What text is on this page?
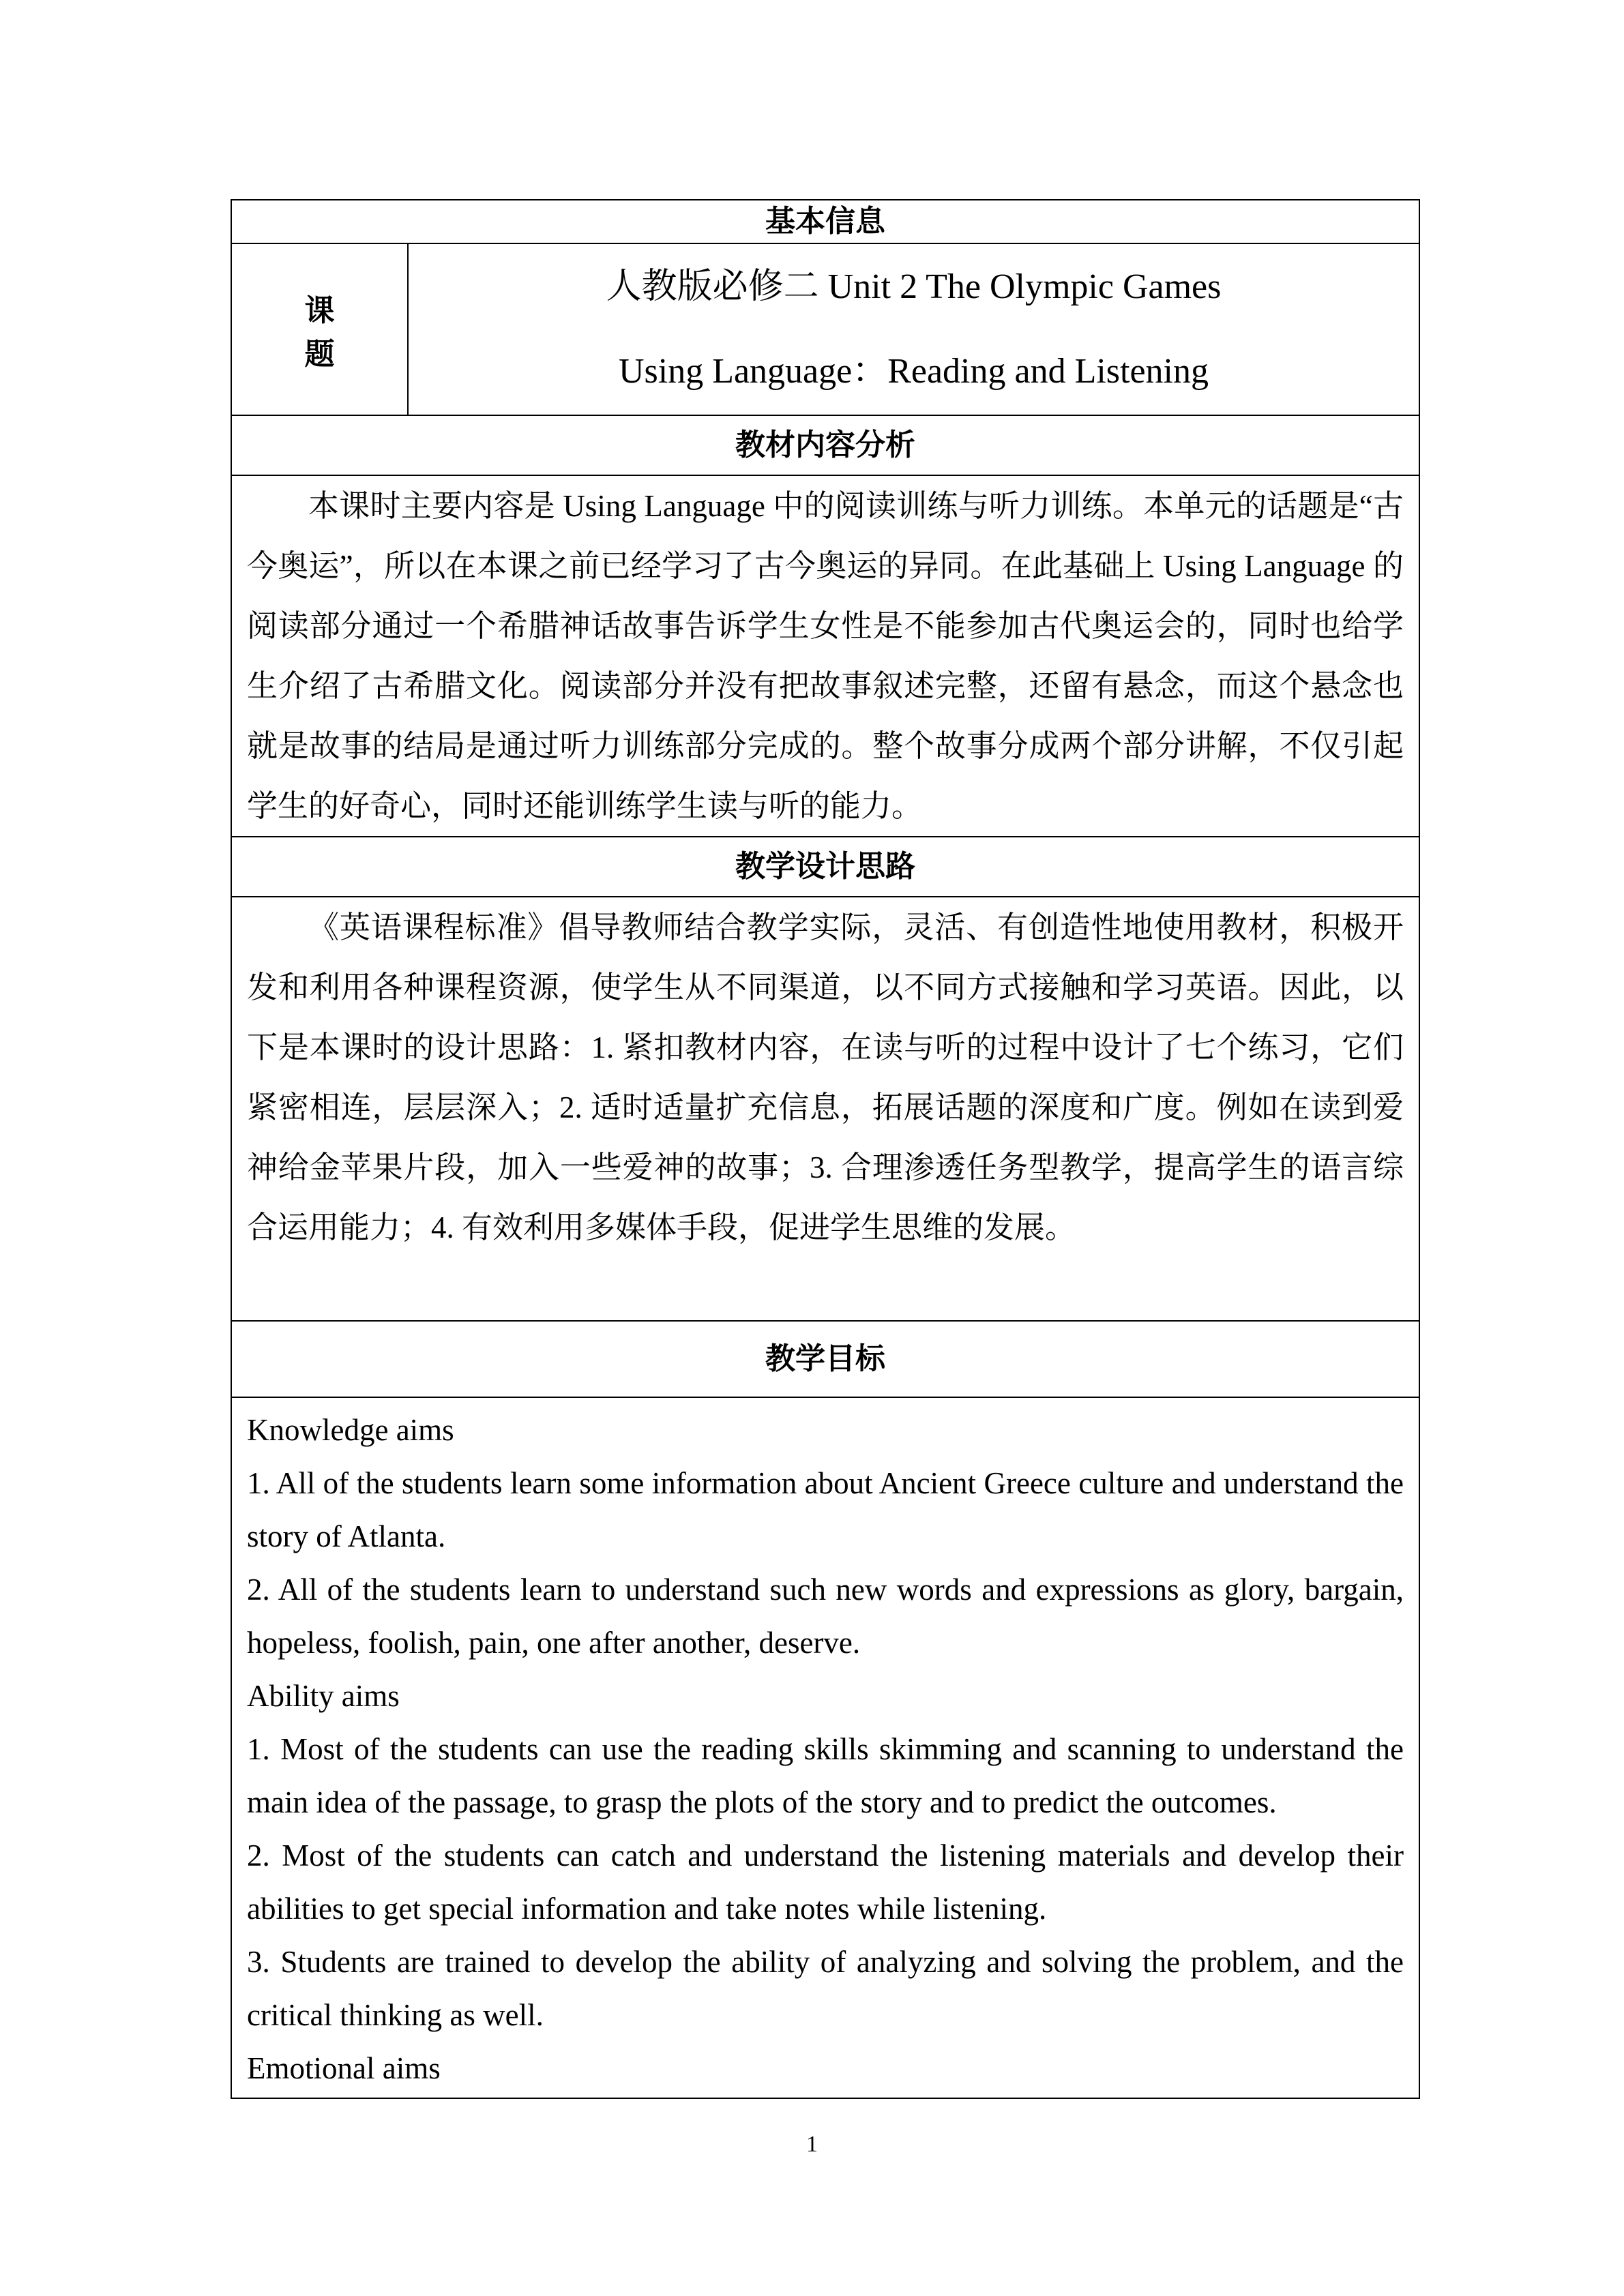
基本信息
课 题	
人教版必修二 Unit 2 The Olympic Games
Using Language：Reading and Listening

教材内容分析

本课时主要内容是 Using Language 中的阅读训练与听力训练。本单元的话题是“古今奥运”，所以在本课之前已经学习了古今奥运的异同。在此基础上 Using Language 的阅读部分通过一个希腊神话故事告诉学生女性是不能参加古代奥运会的，同时也给学生介绍了古希腊文化。阅读部分并没有把故事叙述完整，还留有悬念，而这个悬念也就是故事的结局是通过听力训练部分完成的。整个故事分成两个部分讲解，不仅引起学生的好奇心，同时还能训练学生读与听的能力。

教学设计思路

《英语课程标准》倡导教师结合教学实际，灵活、有创造性地使用教材，积极开发和利用各种课程资源，使学生从不同渠道，以不同方式接触和学习英语。因此，以下是本课时的设计思路：1. 紧扣教材内容，在读与听的过程中设计了七个练习，它们紧密相连，层层深入；2. 适时适量扩充信息，拓展话题的深度和广度。例如在读到爱神给金苹果片段，加入一些爱神的故事；3. 合理渗透任务型教学，提高学生的语言综合运用能力；4. 有效利用多媒体手段，促进学生思维的发展。

教学目标

Knowledge aims

1. All of the students learn some information about Ancient Greece culture and understand the story of Atlanta.

2. All of the students learn to understand such new words and expressions as glory, bargain, hopeless, foolish, pain, one after another, deserve.

Ability aims

1. Most of the students can use the reading skills skimming and scanning to understand the main idea of the passage, to grasp the plots of the story and to predict the outcomes.

2. Most of the students can catch and understand the listening materials and develop their abilities to get special information and take notes while listening.

3. Students are trained to develop the ability of analyzing and solving the problem, and the critical thinking as well.

Emotional aims

1
